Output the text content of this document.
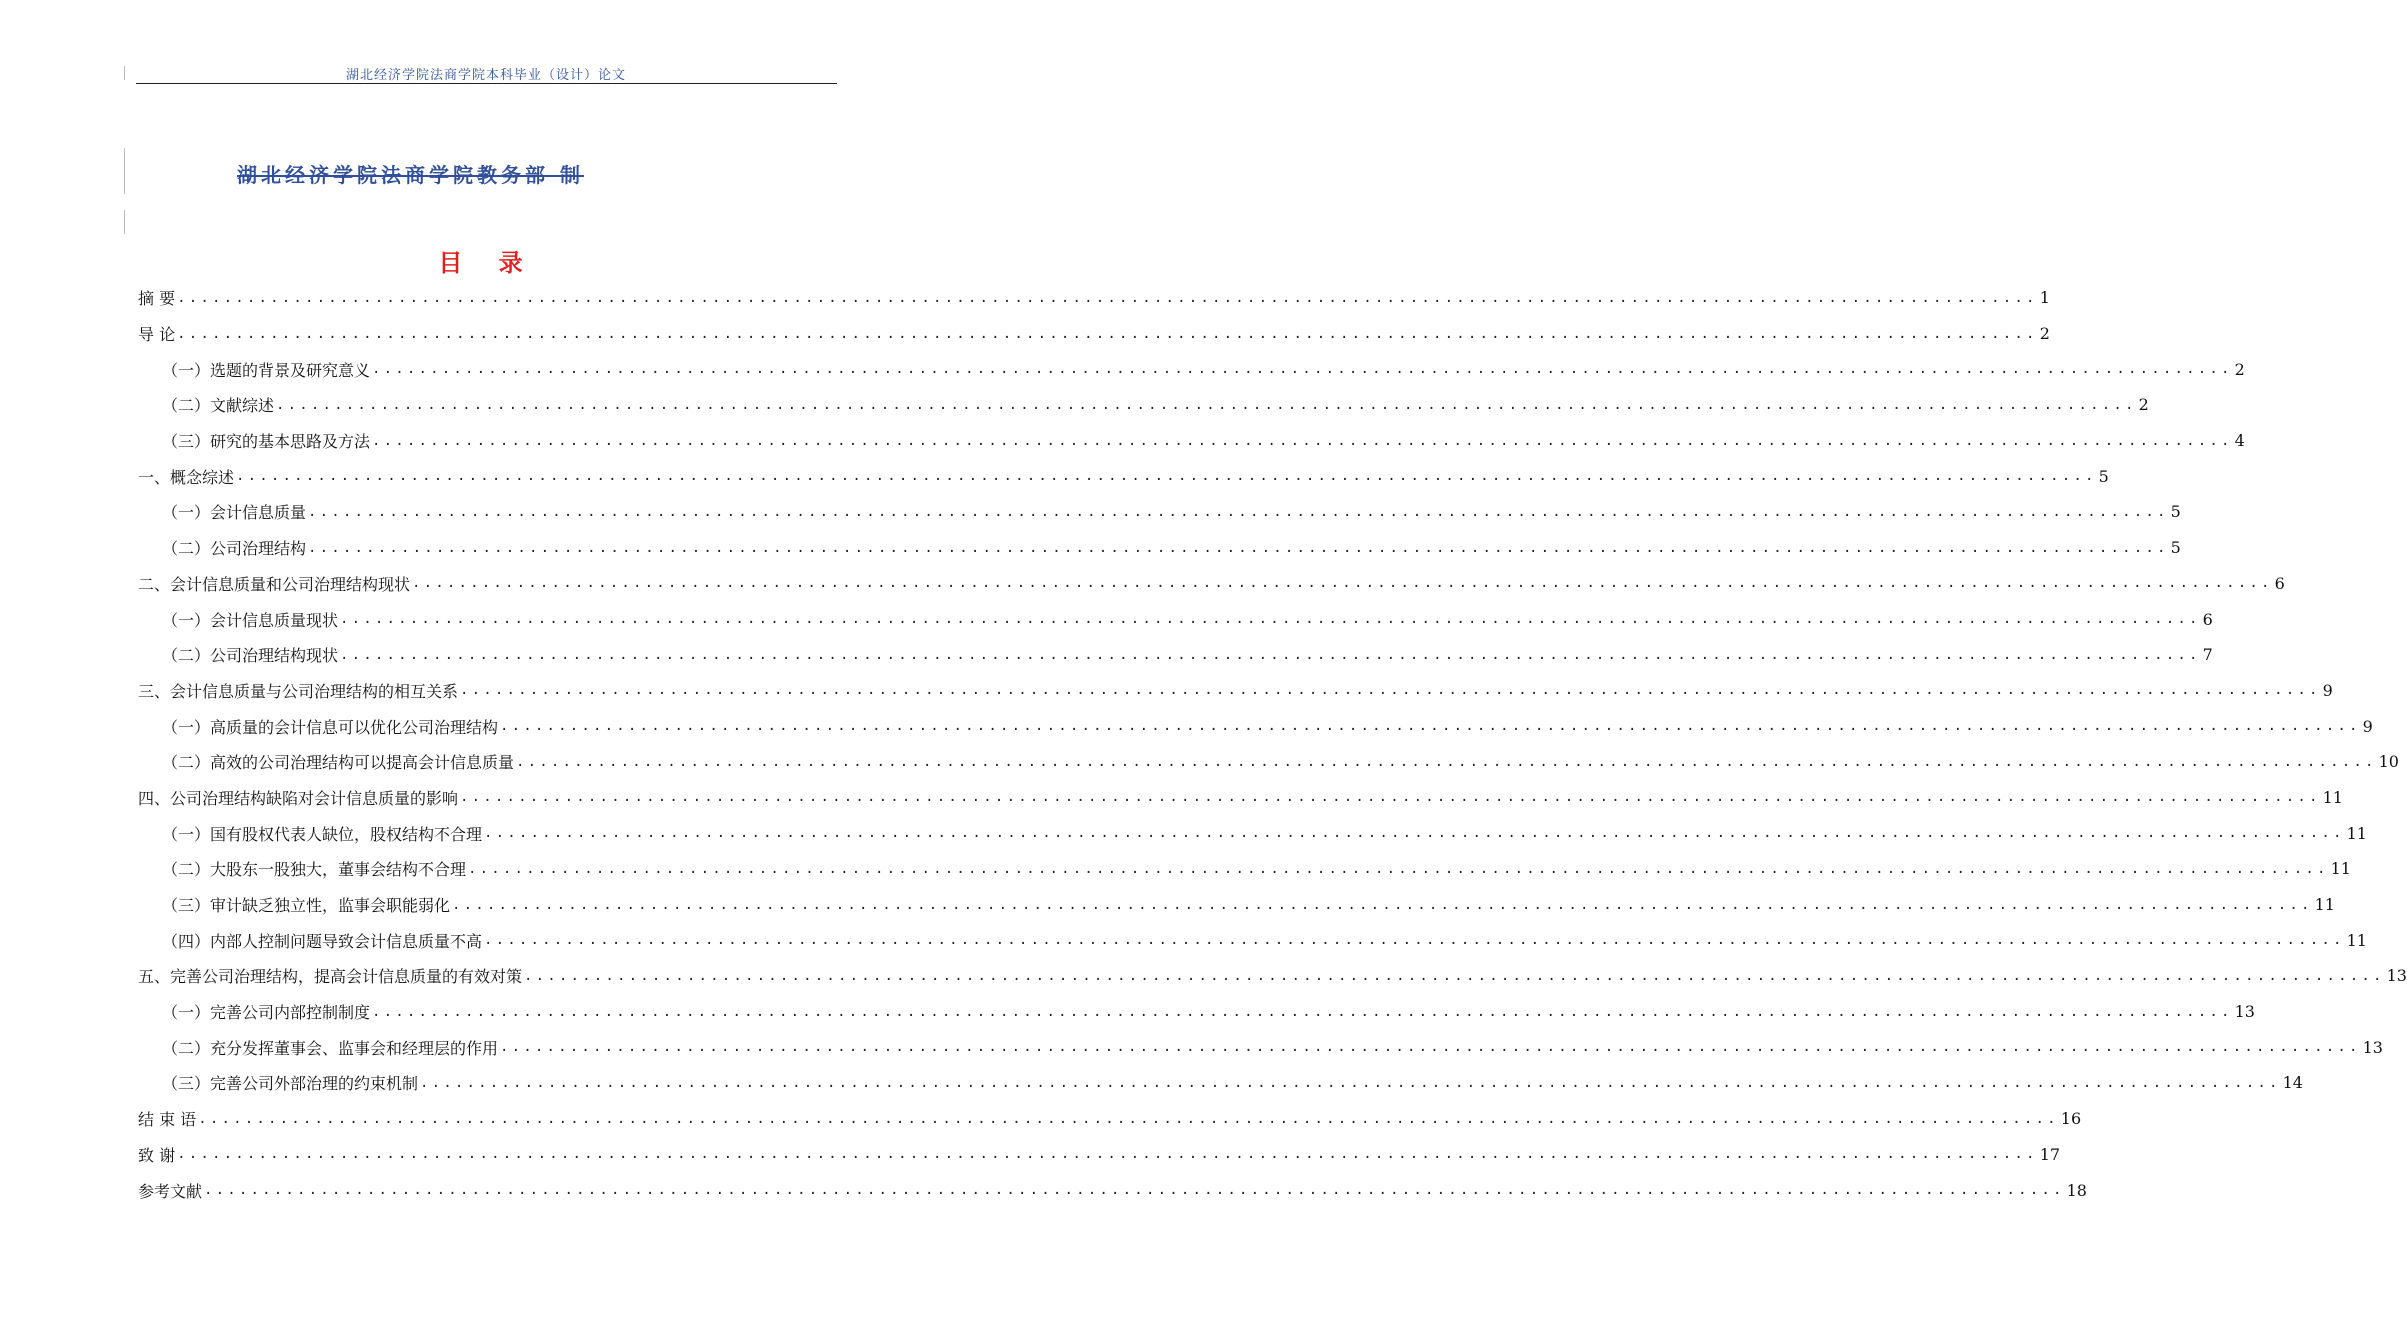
湖北经济学院法商学院本科毕业（设计）论文
湖北经济学院法商学院教务部 制
目 录
摘 要 ................................................................................................................................................................ 1
导 论 ................................................................................................................................................................ 2
（一）选题的背景及研究意义 ................................................................................................................................................................ 2
（二）文献综述 ................................................................................................................................................................ 2
（三）研究的基本思路及方法 ................................................................................................................................................................ 4
一、概念综述 ................................................................................................................................................................ 5
（一）会计信息质量 ................................................................................................................................................................ 5
（二）公司治理结构 ................................................................................................................................................................ 5
二、会计信息质量和公司治理结构现状 ................................................................................................................................................................ 6
（一）会计信息质量现状 ................................................................................................................................................................ 6
（二）公司治理结构现状 ................................................................................................................................................................ 7
三、会计信息质量与公司治理结构的相互关系 ................................................................................................................................................................ 9
（一）高质量的会计信息可以优化公司治理结构 ................................................................................................................................................................ 9
（二）高效的公司治理结构可以提高会计信息质量 ................................................................................................................................................................ 10
四、公司治理结构缺陷对会计信息质量的影响 ................................................................................................................................................................ 11
（一）国有股权代表人缺位，股权结构不合理 ................................................................................................................................................................ 11
（二）大股东一股独大，董事会结构不合理 ................................................................................................................................................................ 11
（三）审计缺乏独立性，监事会职能弱化 ................................................................................................................................................................ 11
（四）内部人控制问题导致会计信息质量不高 ................................................................................................................................................................ 11
五、完善公司治理结构，提高会计信息质量的有效对策 ................................................................................................................................................................ 13
（一）完善公司内部控制制度 ................................................................................................................................................................ 13
（二）充分发挥董事会、监事会和经理层的作用 ................................................................................................................................................................ 13
（三）完善公司外部治理的约束机制 ................................................................................................................................................................ 14
结 束 语 ................................................................................................................................................................ 16
致 谢 ................................................................................................................................................................ 17
参考文献 ................................................................................................................................................................ 18
